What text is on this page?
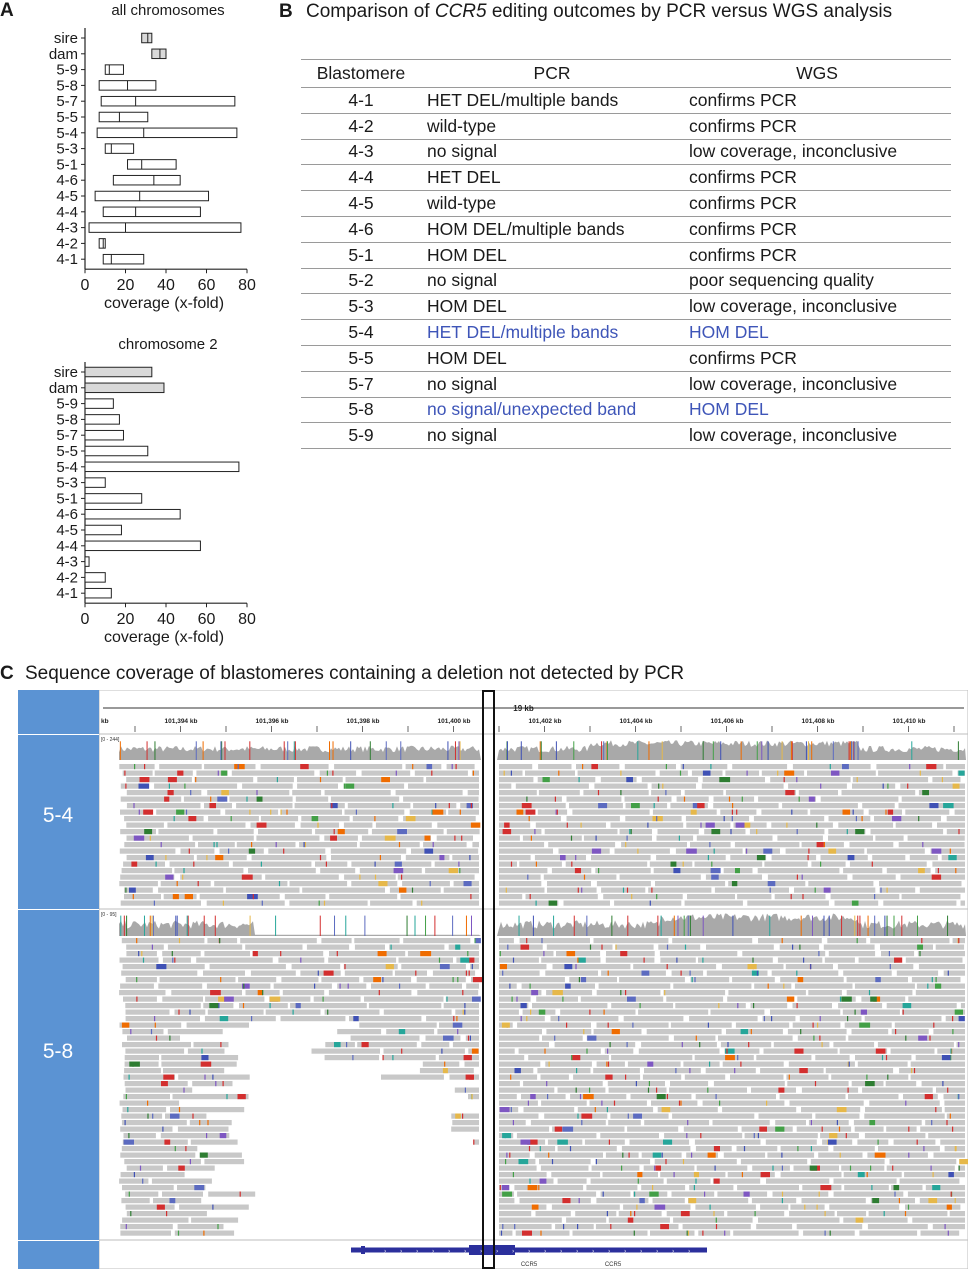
A	all chromosomes
sire
dam
5-9
5-8
5-7
5-5
5-4
5-3
5-1
4-6
4-5
4-4
4-3
4-2
4-1
0 20 40 60 80
coverage (x-fold)
chromosome 2
sire
dam
5-9
5-8
5-7
5-5
5-4
5-3
5-1
4-6
4-5
4-4
4-3
4-2
4-1
0 20 40 60 80
coverage (x-fold)
B Comparison of CCR5 editing outcomes by PCR versus WGS analysis
Blastomere	PCR	WGS
4-1	HET DEL/multiple bands	confirms PCR
4-2	wild-type	confirms PCR
4-3	no signal	low coverage, inconclusive
4-4	HET DEL	confirms PCR
4-5	wild-type	confirms PCR
4-6	HOM DEL/multiple bands	confirms PCR
5-1	HOM DEL	confirms PCR
5-2	no signal	poor sequencing quality
5-3	HOM DEL	low coverage, inconclusive
5-4	HET DEL/multiple bands	HOM DEL
5-5	HOM DEL	confirms PCR
5-7	no signal	low coverage, inconclusive
5-8	no signal/unexpected band	HOM DEL
5-9	no signal	low coverage, inconclusive
C Sequence coverage of blastomeres containing a deletion not detected by PCR
5-4
5-8
19 kb
kb	101,394 kb	101,396 kb	101,398 kb	101,400 kb	101,402 kb	101,404 kb	101,406 kb	101,408 kb	101,410 kb
[0 - 244]
[0 - 95]
› › › › › › › › › › › › › › › › › › › ›
CCR5	CCR5
